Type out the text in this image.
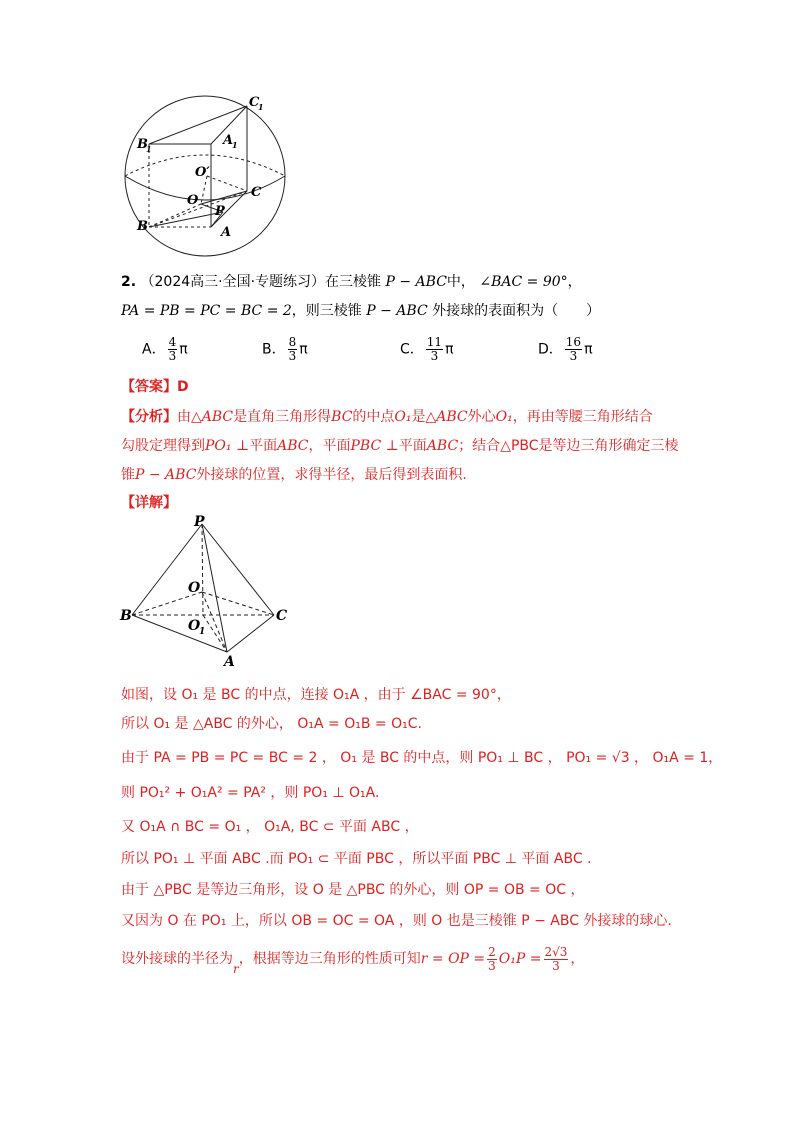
C
1
B
1
A
1
O′
O
P
C
B	A
2. （2024高三·全国·专题练习）在三棱锥 P − ABC中， ∠BAC = 90°，
PA = PB = PC = BC = 2，则三棱锥 P − ABC 外接球的表面积为（　　）
A． $\frac{4}{3}$ π	B． $\frac{8}{3}$ π	C． $\frac{11}{3}$ π	D． $\frac{16}{3}$ π
【答案】D
【分析】由△ABC是直角三角形得BC的中点O₁是△ABC外心O₁，再由等腰三角形结合
勾股定理得到PO₁ ⊥平面ABC，平面PBC ⊥平面ABC；结合△PBC是等边三角形确定三棱
锥P − ABC外接球的位置，求得半径，最后得到表面积.
【详解】
P
O
B	C
O
1
A
如图，设 O₁ 是 BC 的中点，连接 O₁A ，由于 ∠BAC = 90°，
所以 O₁ 是 △ABC 的外心， O₁A = O₁B = O₁C.
由于 PA = PB = PC = BC = 2 ， O₁ 是 BC 的中点，则 PO₁ ⊥ BC ， PO₁ = √3 ， O₁A = 1，
则 PO₁² + O₁A² = PA² ，则 PO₁ ⊥ O₁A.
又 O₁A ∩ BC = O₁ ， O₁A, BC ⊂ 平面 ABC ，
所以 PO₁ ⊥ 平面 ABC .而 PO₁ ⊂ 平面 PBC ，所以平面 PBC ⊥ 平面 ABC .
由于 △PBC 是等边三角形，设 O 是 △PBC 的外心，则 OP = OB = OC ，
又因为 O 在 PO₁ 上，所以 OB = OC = OA ，则 O 也是三棱锥 P − ABC 外接球的球心.
设外接球的半径为r，根据等边三角形的性质可知r = OP = $\frac{2}{3} O_1P = \frac{2√3}{3}$ ，
